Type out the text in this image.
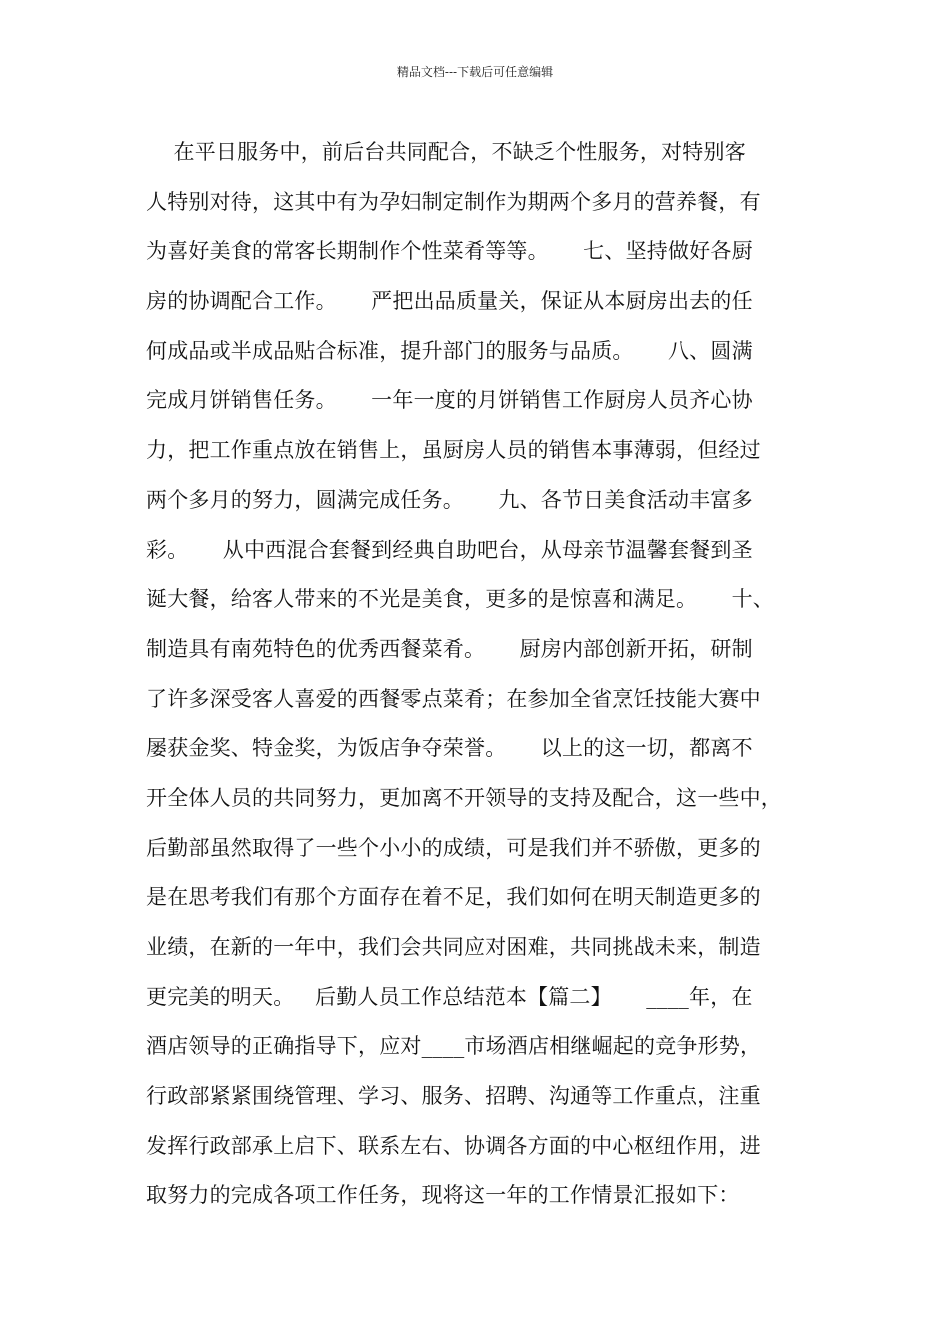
精品文档---下载后可任意编辑
在平日服务中，前后台共同配合，不缺乏个性服务，对特别客
人特别对待，这其中有为孕妇制定制作为期两个多月的营养餐，有
为喜好美食的常客长期制作个性菜肴等等。     七、坚持做好各厨
房的协调配合工作。     严把出品质量关，保证从本厨房出去的任
何成品或半成品贴合标准，提升部门的服务与品质。     八、圆满
完成月饼销售任务。     一年一度的月饼销售工作厨房人员齐心协
力，把工作重点放在销售上，虽厨房人员的销售本事薄弱，但经过
两个多月的努力，圆满完成任务。     九、各节日美食活动丰富多
彩。     从中西混合套餐到经典自助吧台，从母亲节温馨套餐到圣
诞大餐，给客人带来的不光是美食，更多的是惊喜和满足。     十、
制造具有南苑特色的优秀西餐菜肴。     厨房内部创新开拓，研制
了许多深受客人喜爱的西餐零点菜肴；在参加全省烹饪技能大赛中
屡获金奖、特金奖，为饭店争夺荣誉。     以上的这一切，都离不
开全体人员的共同努力，更加离不开领导的支持及配合，这一些中，
后勤部虽然取得了一些个小小的成绩，可是我们并不骄傲，更多的
是在思考我们有那个方面存在着不足，我们如何在明天制造更多的
业绩，在新的一年中，我们会共同应对困难，共同挑战未来，制造
更完美的明天。   后勤人员工作总结范本【篇二】     ____年，在
酒店领导的正确指导下，应对____市场酒店相继崛起的竞争形势，
行政部紧紧围绕管理、学习、服务、招聘、沟通等工作重点，注重
发挥行政部承上启下、联系左右、协调各方面的中心枢纽作用，进
取努力的完成各项工作任务，现将这一年的工作情景汇报如下：
